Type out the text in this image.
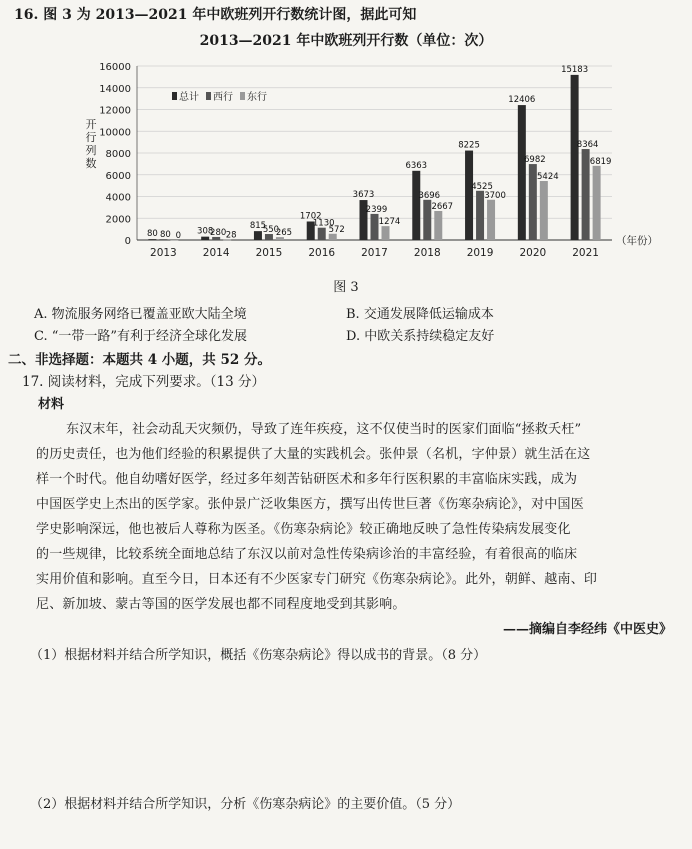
16. 图 3 为 2013—2021 年中欧班列开行数统计图，据此可知
2013—2021 年中欧班列开行数（单位：次）
0
2000
4000
6000
8000
10000
12000
14000
16000
开
行
列
数
80 80 0
2013
308
280 28
2014
815
550
265
2015
1702
1130
572
2016
3673
2399
1274
2017
6363
3696
2667
2018
8225
4525
3700
2019
12406
6982
5424
2020
15183
8364
6819
2021
（年份）
总计 西行 东行
图 3
A. 物流服务网络已覆盖亚欧大陆全境	B. 交通发展降低运输成本
C. “一带一路”有利于经济全球化发展	D. 中欧关系持续稳定友好
二、非选择题：本题共 4 小题，共 52 分。
17. 阅读材料，完成下列要求。（13 分）
材料
东汉末年，社会动乱天灾频仍，导致了连年疾疫，这不仅使当时的医家们面临“拯救夭枉”
的历史责任，也为他们经验的积累提供了大量的实践机会。张仲景（名机，字仲景）就生活在这
样一个时代。他自幼嗜好医学，经过多年刻苦钻研医术和多年行医积累的丰富临床实践，成为
中国医学史上杰出的医学家。张仲景广泛收集医方，撰写出传世巨著《伤寒杂病论》，对中国医
学史影响深远，他也被后人尊称为医圣。《伤寒杂病论》较正确地反映了急性传染病发展变化
的一些规律，比较系统全面地总结了东汉以前对急性传染病诊治的丰富经验，有着很高的临床
实用价值和影响。直至今日，日本还有不少医家专门研究《伤寒杂病论》。此外，朝鲜、越南、印
尼、新加坡、蒙古等国的医学发展也都不同程度地受到其影响。
——摘编自李经纬《中医史》
（1）根据材料并结合所学知识，概括《伤寒杂病论》得以成书的背景。（8 分）
（2）根据材料并结合所学知识，分析《伤寒杂病论》的主要价值。（5 分）
